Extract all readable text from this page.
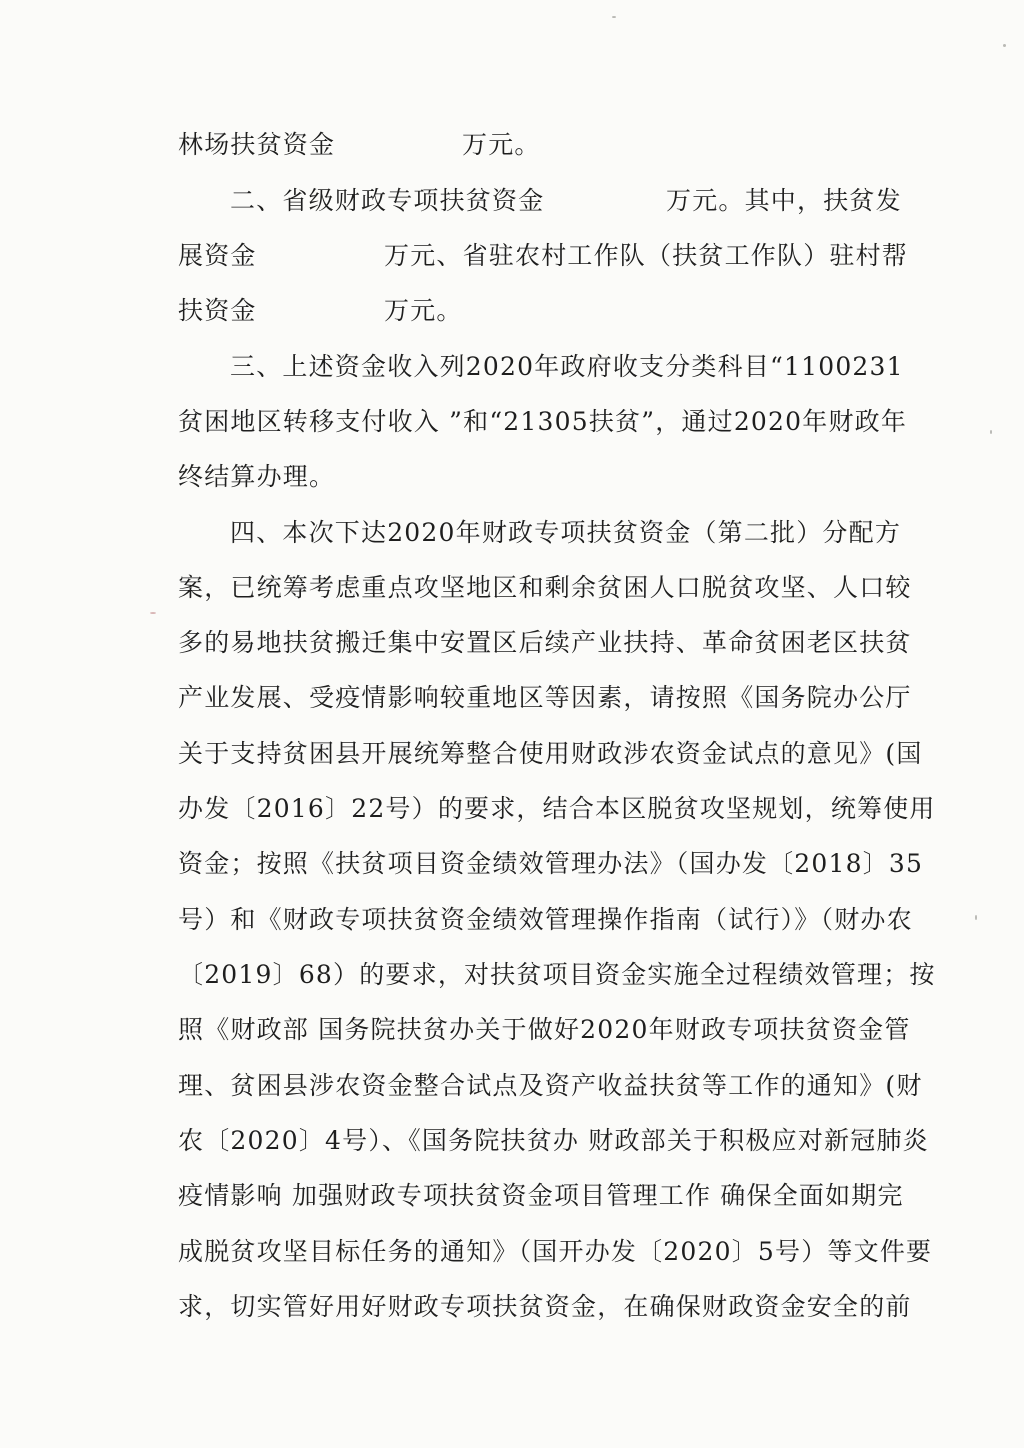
林场扶贫资金	万元。
二、省级财政专项扶贫资金	万元。其中，扶贫发
展资金	万元、省驻农村工作队（扶贫工作队）驻村帮
扶资金	万元。
三、上述资金收入列2020年政府收支分类科目“1100231
贫困地区转移支付收入 ”和“21305扶贫”，通过2020年财政年
终结算办理。
四、本次下达2020年财政专项扶贫资金（第二批）分配方
案，已统筹考虑重点攻坚地区和剩余贫困人口脱贫攻坚、人口较
多的易地扶贫搬迁集中安置区后续产业扶持、革命贫困老区扶贫
产业发展、受疫情影响较重地区等因素，请按照《国务院办公厅
关于支持贫困县开展统筹整合使用财政涉农资金试点的意见》(国
办发〔2016〕22号）的要求，结合本区脱贫攻坚规划，统筹使用
资金；按照《扶贫项目资金绩效管理办法》（国办发〔2018〕35
号）和《财政专项扶贫资金绩效管理操作指南（试行）》（财办农
〔2019〕68）的要求，对扶贫项目资金实施全过程绩效管理；按
照《财政部 国务院扶贫办关于做好2020年财政专项扶贫资金管
理、贫困县涉农资金整合试点及资产收益扶贫等工作的通知》(财
农〔2020〕4号）、《国务院扶贫办 财政部关于积极应对新冠肺炎
疫情影响 加强财政专项扶贫资金项目管理工作 确保全面如期完
成脱贫攻坚目标任务的通知》（国开办发〔2020〕5号）等文件要
求，切实管好用好财政专项扶贫资金，在确保财政资金安全的前
